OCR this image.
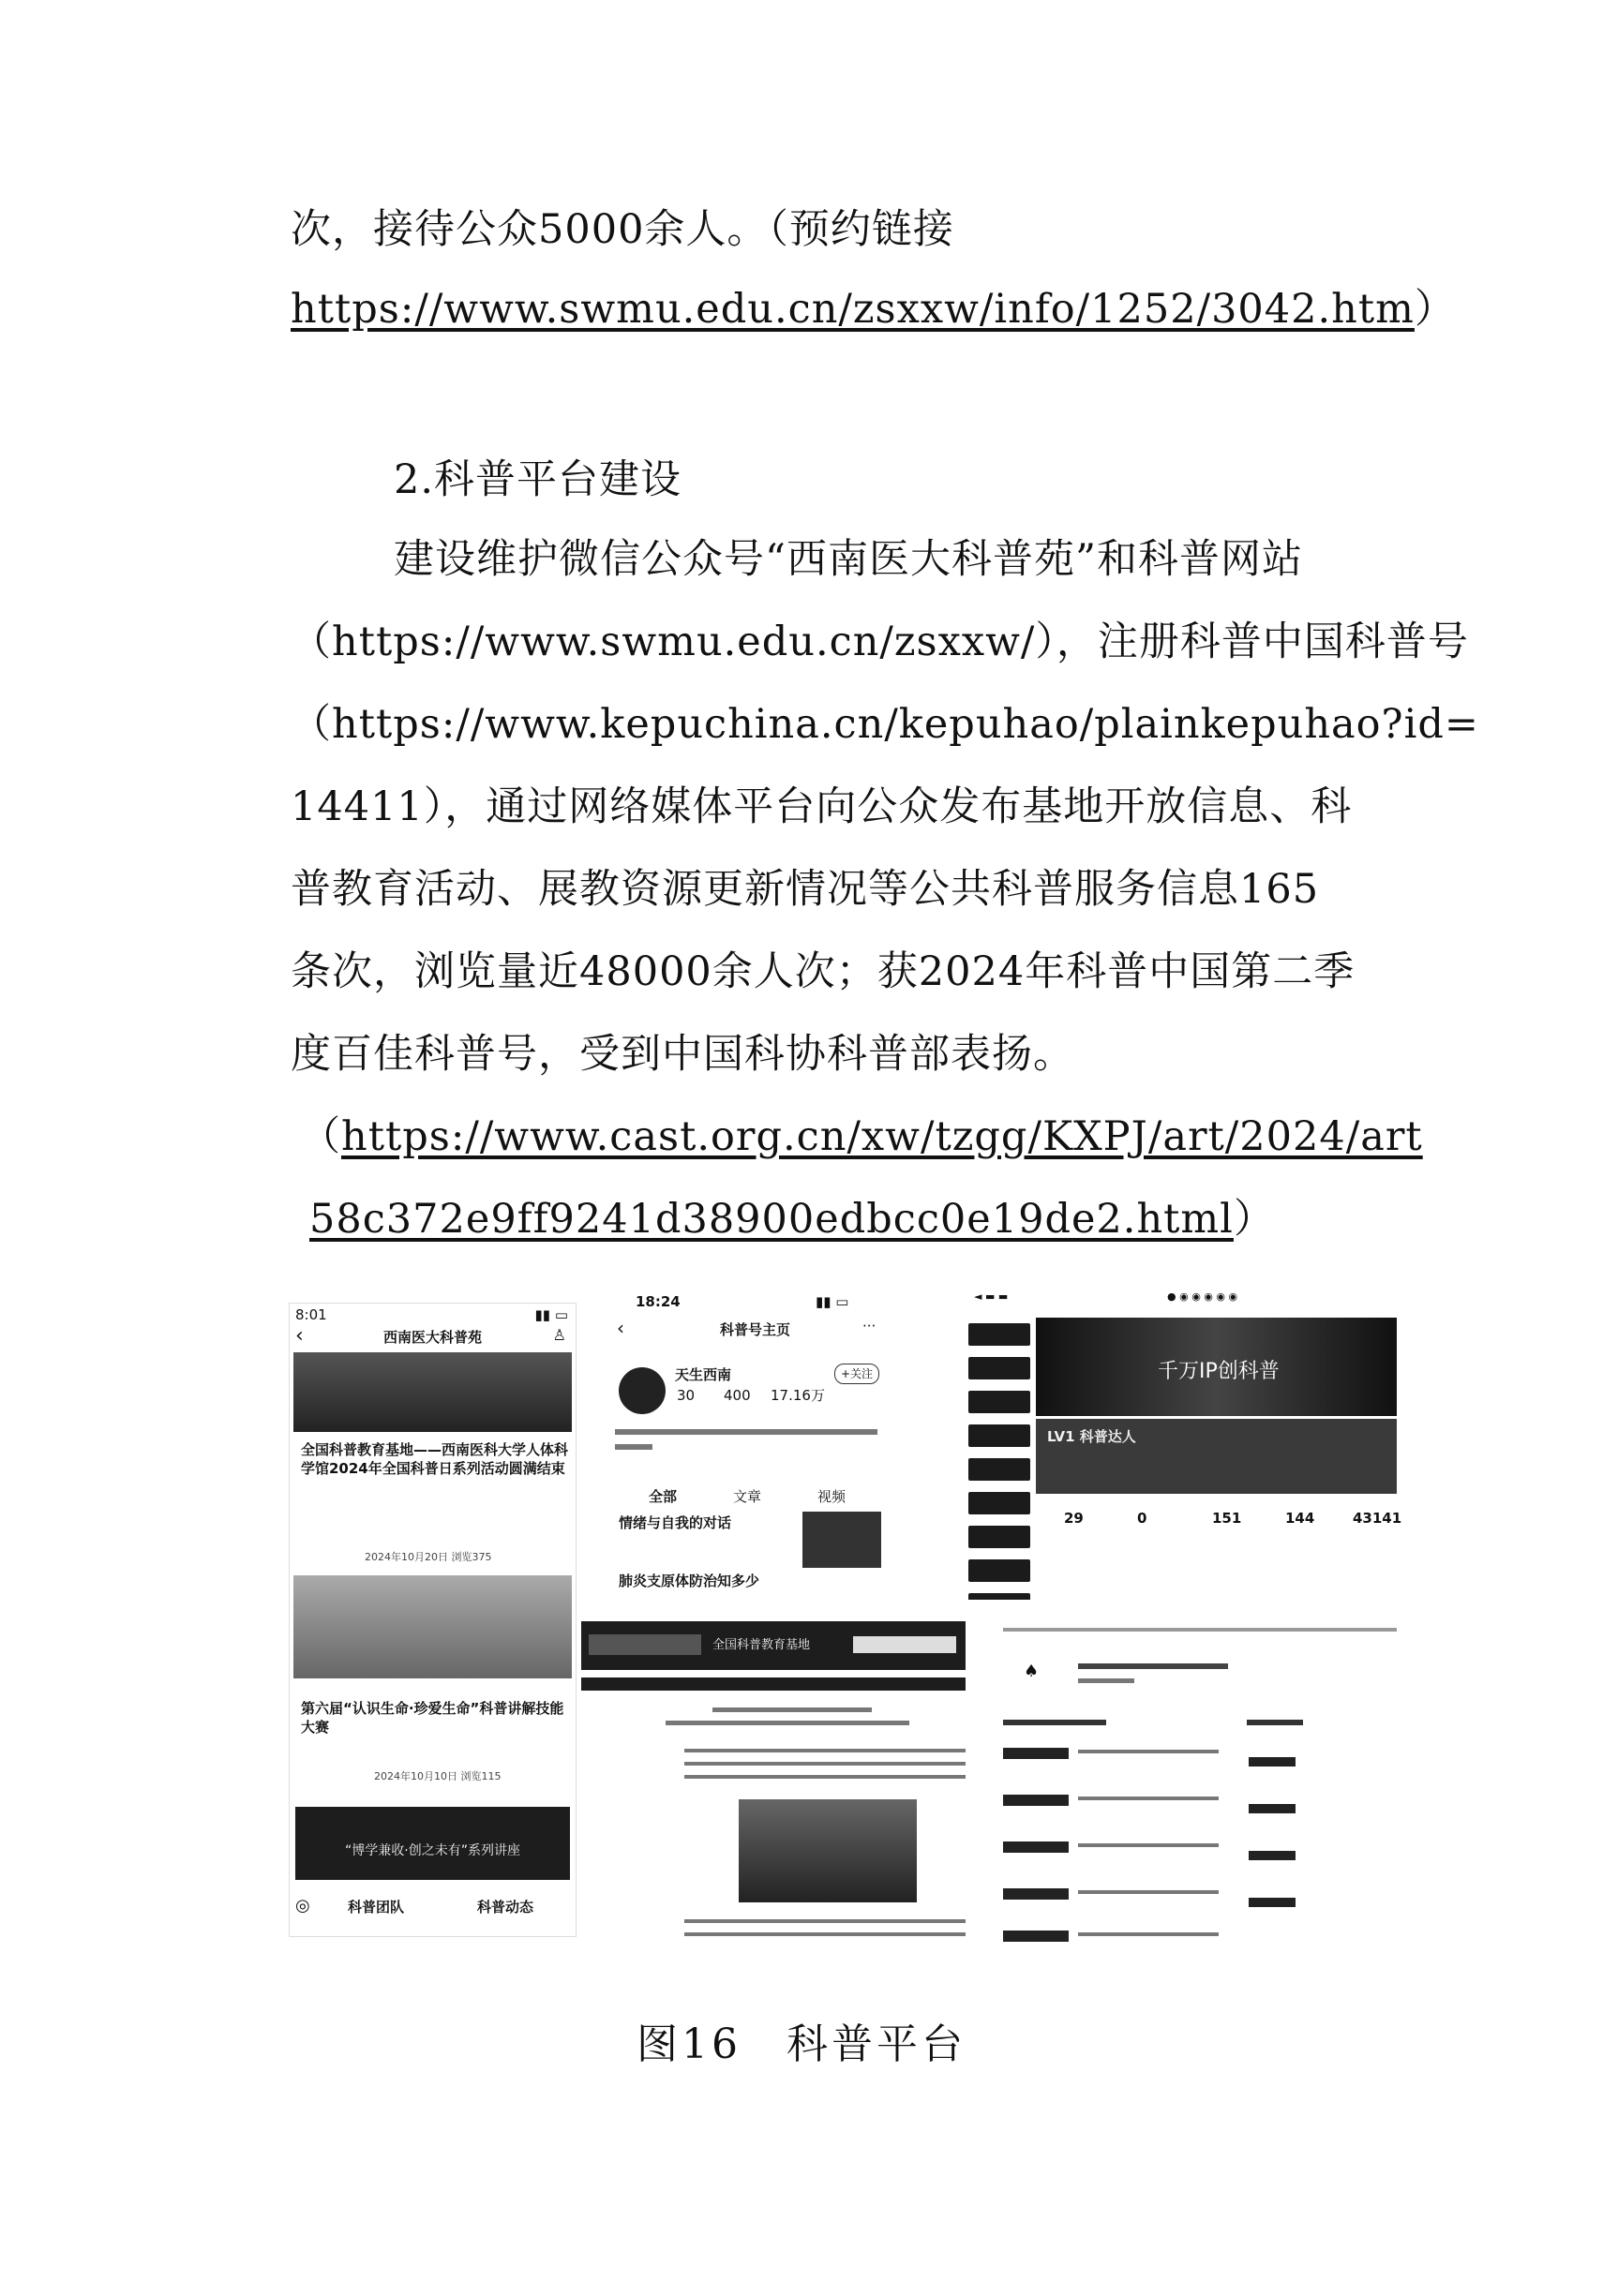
次，接待公众5000余人。（预约链接
https://www.swmu.edu.cn/zsxxw/info/1252/3042.htm）
2.科普平台建设
建设维护微信公众号“西南医大科普苑”和科普网站
（https://www.swmu.edu.cn/zsxxw/），注册科普中国科普号
（https://www.kepuchina.cn/kepuhao/plainkepuhao?id=
14411），通过网络媒体平台向公众发布基地开放信息、科
普教育活动、展教资源更新情况等公共科普服务信息165
条次，浏览量近48000余人次；获2024年科普中国第二季
度百佳科普号，受到中国科协科普部表扬。
（https://www.cast.org.cn/xw/tzgg/KXPJ/art/2024/art
58c372e9ff9241d38900edbcc0e19de2.html）
8:01	▮▮ ▭
‹	西南医大科普苑	♙
全国科普教育基地——西南医科大学人体科学馆2024年全国科普日系列活动圆满结束
2024年10月20日 浏览375
第六届“认识生命·珍爱生命”科普讲解技能大赛
2024年10月10日 浏览115
“博学兼收·创之未有”系列讲座
◎	科普团队	科普动态
18:24	▮▮ ▭
‹	科普号主页	···
天生西南	+关注
30 400 17.16万
全部	文章	视频
情绪与自我的对话
肺炎支原体防治知多少
◄ ▬ ▬	● ◉ ◉ ◉ ◉ ◉
千万IP创科普
LV1 科普达人
29	0	151	144	43141
全国科普教育基地
♠
图16　科普平台
